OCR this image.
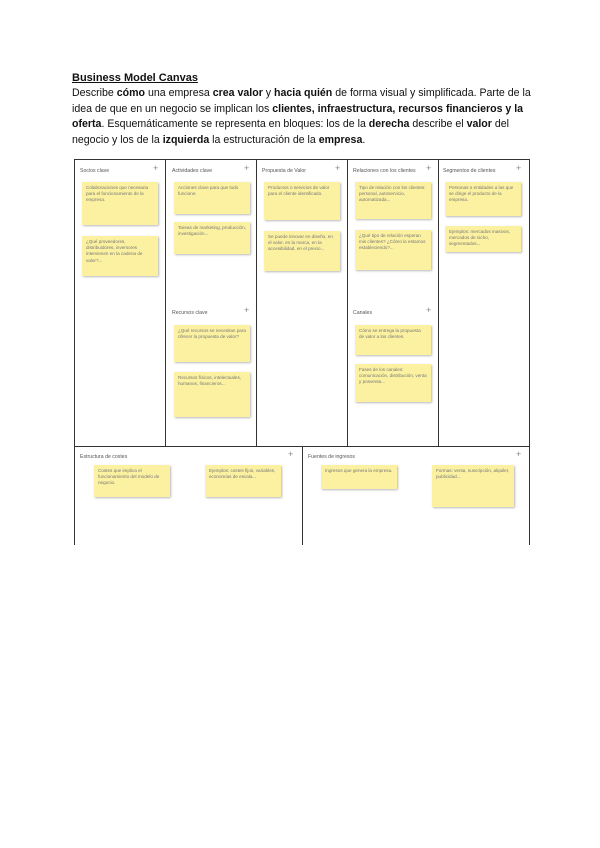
Business Model Canvas
Describe cómo una empresa crea valor y hacia quién de forma visual y simplificada. Parte de la idea de que en un negocio se implican los clientes, infraestructura, recursos financieros y la oferta. Esquemáticamente se representa en bloques: los de la derecha describe el valor del negocio y los de la izquierda la estructuración de la empresa.
Socios clave	+
Colaboraciones que necesaria para el funcionamiento de la empresa.
¿Qué proveedores, distribuidores, inversores intervienen en la cadena de valor?...
Actividades clave	+
Acciones clave para que todo funcione.
Tareas de marketing, producción, investigación...
Recursos clave	+
¿Qué recursos se necesitan para ofrecer la propuesta de valor?
Recursos físicos, intelectuales, humanos, financieros...
Propuesta de Valor	+
Productos o servicios de valor para el cliente identificado.
Se puede innovar en diseño, en el valor, en la marca, en la accesibilidad, en el precio...
Relaciones con los clientes +
Tipo de relación con los clientes: personal, autoservicio, automatizada...
¿Qué tipo de relación esperan mis clientes? ¿Cómo la estamos estableciendo?...
Canales	+
Cómo se entrega la propuesta de valor a los clientes.
Fases de los canales: comunicación, distribución, venta y posventa...
Segmentos de clientes +
Personas o entidades a las que se dirige el producto de la empresa.
Ejemplos: mercados masivos, mercados de nicho, segmentados...
Estructura de costes	+
Costes que implica el funcionamiento del modelo de negocio.
Ejemplos: costes fijos, variables, economías de escala...
Fuentes de ingresos	+
Ingresos que genera la empresa.	Formas: venta, suscripción, alquiler, publicidad...
